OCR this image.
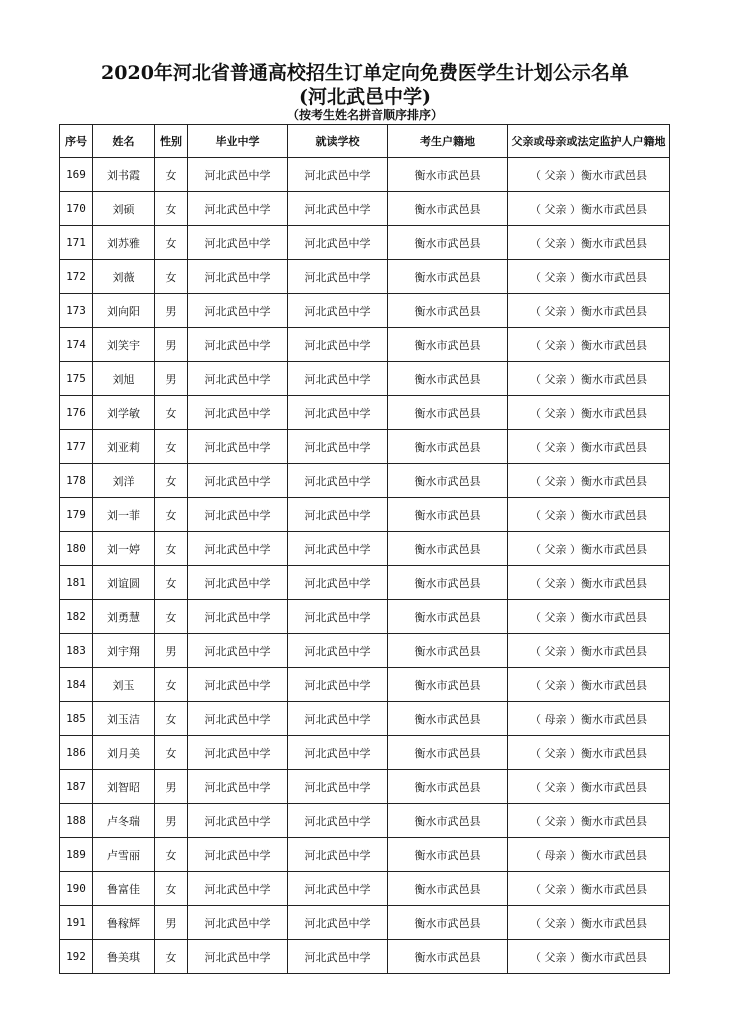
2020年河北省普通高校招生订单定向免费医学生计划公示名单
(河北武邑中学)
（按考生姓名拼音顺序排序）
序号	姓名	性别	毕业中学	就读学校	考生户籍地	父亲或母亲或法定监护人户籍地
169	刘书霞	女	河北武邑中学	河北武邑中学	衡水市武邑县	（ 父亲 ）衡水市武邑县
170	刘硕	女	河北武邑中学	河北武邑中学	衡水市武邑县	（ 父亲 ）衡水市武邑县
171	刘苏雅	女	河北武邑中学	河北武邑中学	衡水市武邑县	（ 父亲 ）衡水市武邑县
172	刘薇	女	河北武邑中学	河北武邑中学	衡水市武邑县	（ 父亲 ）衡水市武邑县
173	刘向阳	男	河北武邑中学	河北武邑中学	衡水市武邑县	（ 父亲 ）衡水市武邑县
174	刘笑宇	男	河北武邑中学	河北武邑中学	衡水市武邑县	（ 父亲 ）衡水市武邑县
175	刘旭	男	河北武邑中学	河北武邑中学	衡水市武邑县	（ 父亲 ）衡水市武邑县
176	刘学敏	女	河北武邑中学	河北武邑中学	衡水市武邑县	（ 父亲 ）衡水市武邑县
177	刘亚莉	女	河北武邑中学	河北武邑中学	衡水市武邑县	（ 父亲 ）衡水市武邑县
178	刘洋	女	河北武邑中学	河北武邑中学	衡水市武邑县	（ 父亲 ）衡水市武邑县
179	刘一菲	女	河北武邑中学	河北武邑中学	衡水市武邑县	（ 父亲 ）衡水市武邑县
180	刘一婷	女	河北武邑中学	河北武邑中学	衡水市武邑县	（ 父亲 ）衡水市武邑县
181	刘谊圆	女	河北武邑中学	河北武邑中学	衡水市武邑县	（ 父亲 ）衡水市武邑县
182	刘勇慧	女	河北武邑中学	河北武邑中学	衡水市武邑县	（ 父亲 ）衡水市武邑县
183	刘宇翔	男	河北武邑中学	河北武邑中学	衡水市武邑县	（ 父亲 ）衡水市武邑县
184	刘玉	女	河北武邑中学	河北武邑中学	衡水市武邑县	（ 父亲 ）衡水市武邑县
185	刘玉洁	女	河北武邑中学	河北武邑中学	衡水市武邑县	（ 母亲 ）衡水市武邑县
186	刘月美	女	河北武邑中学	河北武邑中学	衡水市武邑县	（ 父亲 ）衡水市武邑县
187	刘智昭	男	河北武邑中学	河北武邑中学	衡水市武邑县	（ 父亲 ）衡水市武邑县
188	卢冬瑞	男	河北武邑中学	河北武邑中学	衡水市武邑县	（ 父亲 ）衡水市武邑县
189	卢雪丽	女	河北武邑中学	河北武邑中学	衡水市武邑县	（ 母亲 ）衡水市武邑县
190	鲁富佳	女	河北武邑中学	河北武邑中学	衡水市武邑县	（ 父亲 ）衡水市武邑县
191	鲁稼辉	男	河北武邑中学	河北武邑中学	衡水市武邑县	（ 父亲 ）衡水市武邑县
192	鲁美琪	女	河北武邑中学	河北武邑中学	衡水市武邑县	（ 父亲 ）衡水市武邑县
